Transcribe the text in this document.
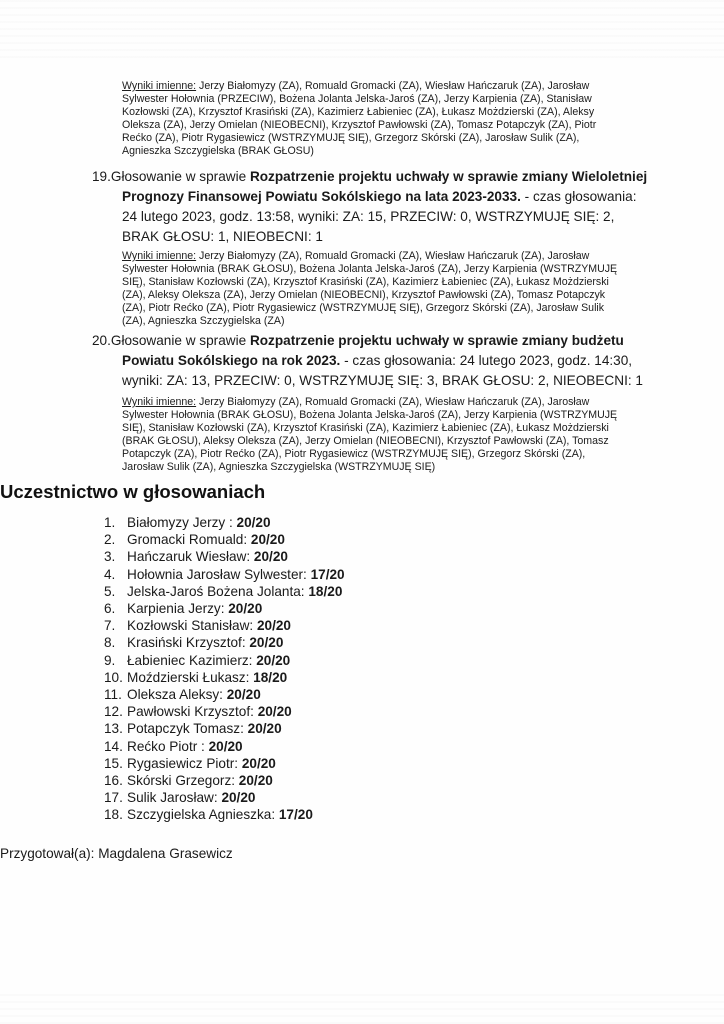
Wyniki imienne: Jerzy Białomyzy (ZA), Romuald Gromacki (ZA), Wiesław Hańczaruk (ZA), Jarosław Sylwester Hołownia (PRZECIW), Bożena Jolanta Jelska-Jaroś (ZA), Jerzy Karpienia (ZA), Stanisław Kozłowski (ZA), Krzysztof Krasiński (ZA), Kazimierz Łabieniec (ZA), Łukasz Możdzierski (ZA), Aleksy Oleksza (ZA), Jerzy Omielan (NIEOBECNI), Krzysztof Pawłowski (ZA), Tomasz Potapczyk (ZA), Piotr Rećko (ZA), Piotr Rygasiewicz (WSTRZYMUJĘ SIĘ), Grzegorz Skórski (ZA), Jarosław Sulik (ZA), Agnieszka Szczygielska (BRAK GŁOSU)

19.Głosowanie w sprawie Rozpatrzenie projektu uchwały w sprawie zmiany Wieloletniej Prognozy Finansowej Powiatu Sokólskiego na lata 2023-2033. - czas głosowania: 24 lutego 2023, godz. 13:58, wyniki: ZA: 15, PRZECIW: 0, WSTRZYMUJĘ SIĘ: 2, BRAK GŁOSU: 1, NIEOBECNI: 1

Wyniki imienne: Jerzy Białomyzy (ZA), Romuald Gromacki (ZA), Wiesław Hańczaruk (ZA), Jarosław Sylwester Hołownia (BRAK GŁOSU), Bożena Jolanta Jelska-Jaroś (ZA), Jerzy Karpienia (WSTRZYMUJĘ SIĘ), Stanisław Kozłowski (ZA), Krzysztof Krasiński (ZA), Kazimierz Łabieniec (ZA), Łukasz Możdzierski (ZA), Aleksy Oleksza (ZA), Jerzy Omielan (NIEOBECNI), Krzysztof Pawłowski (ZA), Tomasz Potapczyk (ZA), Piotr Rećko (ZA), Piotr Rygasiewicz (WSTRZYMUJĘ SIĘ), Grzegorz Skórski (ZA), Jarosław Sulik (ZA), Agnieszka Szczygielska (ZA)

20.Głosowanie w sprawie Rozpatrzenie projektu uchwały w sprawie zmiany budżetu Powiatu Sokólskiego na rok 2023. - czas głosowania: 24 lutego 2023, godz. 14:30, wyniki: ZA: 13, PRZECIW: 0, WSTRZYMUJĘ SIĘ: 3, BRAK GŁOSU: 2, NIEOBECNI: 1

Wyniki imienne: Jerzy Białomyzy (ZA), Romuald Gromacki (ZA), Wiesław Hańczaruk (ZA), Jarosław Sylwester Hołownia (BRAK GŁOSU), Bożena Jolanta Jelska-Jaroś (ZA), Jerzy Karpienia (WSTRZYMUJĘ SIĘ), Stanisław Kozłowski (ZA), Krzysztof Krasiński (ZA), Kazimierz Łabieniec (ZA), Łukasz Możdzierski (BRAK GŁOSU), Aleksy Oleksza (ZA), Jerzy Omielan (NIEOBECNI), Krzysztof Pawłowski (ZA), Tomasz Potapczyk (ZA), Piotr Rećko (ZA), Piotr Rygasiewicz (WSTRZYMUJĘ SIĘ), Grzegorz Skórski (ZA), Jarosław Sulik (ZA), Agnieszka Szczygielska (WSTRZYMUJĘ SIĘ)

Uczestnictwo w głosowaniach
1. Białomyzy Jerzy : 20/20
2. Gromacki Romuald: 20/20
3. Hańczaruk Wiesław: 20/20
4. Hołownia Jarosław Sylwester: 17/20
5. Jelska-Jaroś Bożena Jolanta: 18/20
6. Karpienia Jerzy: 20/20
7. Kozłowski Stanisław: 20/20
8. Krasiński Krzysztof: 20/20
9. Łabieniec Kazimierz: 20/20
10. Moździerski Łukasz: 18/20
11. Oleksza Aleksy: 20/20
12. Pawłowski Krzysztof: 20/20
13. Potapczyk Tomasz: 20/20
14. Rećko Piotr : 20/20
15. Rygasiewicz Piotr: 20/20
16. Skórski Grzegorz: 20/20
17. Sulik Jarosław: 20/20
18. Szczygielska Agnieszka: 17/20

Przygotował(a): Magdalena Grasewicz
